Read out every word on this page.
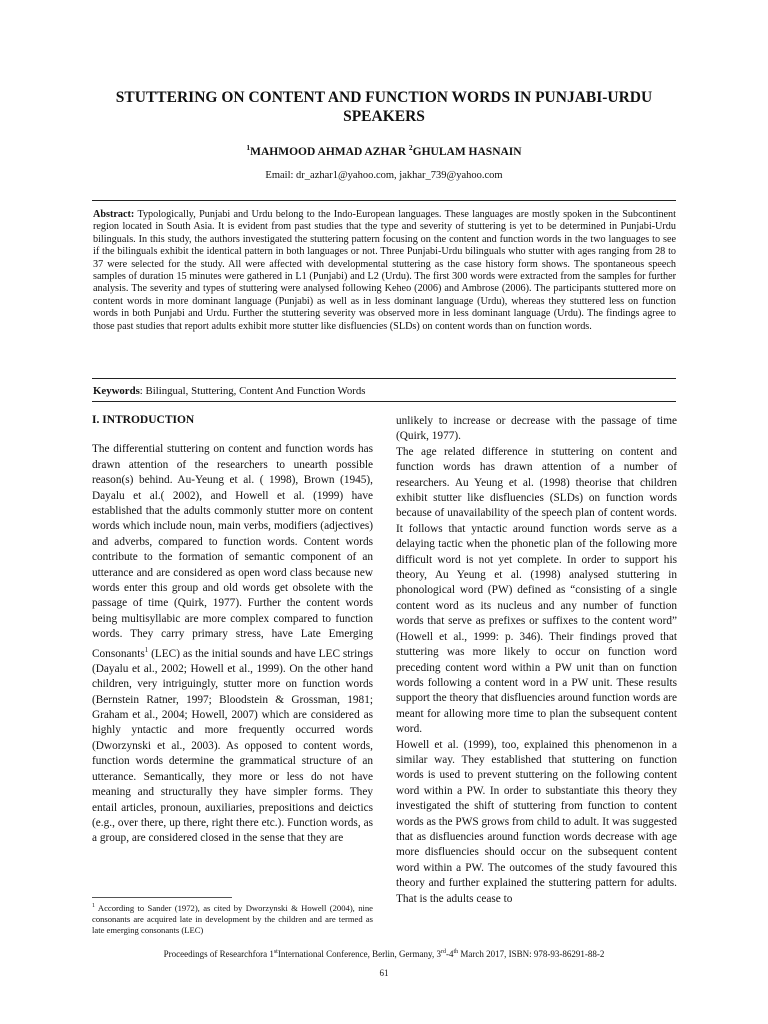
STUTTERING ON CONTENT AND FUNCTION WORDS IN PUNJABI-URDU SPEAKERS
$^1$MAHMOOD AHMAD AZHAR $^2$GHULAM HASNAIN
Email: dr_azhar1@yahoo.com, jakhar_739@yahoo.com
Abstract: Typologically, Punjabi and Urdu belong to the Indo-European languages. These languages are mostly spoken in the Subcontinent region located in South Asia. It is evident from past studies that the type and severity of stuttering is yet to be determined in Punjabi-Urdu bilinguals. In this study, the authors investigated the stuttering pattern focusing on the content and function words in the two languages to see if the bilinguals exhibit the identical pattern in both languages or not. Three Punjabi-Urdu bilinguals who stutter with ages ranging from 28 to 37 were selected for the study. All were affected with developmental stuttering as the case history form shows. The spontaneous speech samples of duration 15 minutes were gathered in L1 (Punjabi) and L2 (Urdu). The first 300 words were extracted from the samples for further analysis. The severity and types of stuttering were analysed following Keheo (2006) and Ambrose (2006). The participants stuttered more on content words in more dominant language (Punjabi) as well as in less dominant language (Urdu), whereas they stuttered less on function words in both Punjabi and Urdu. Further the stuttering severity was observed more in less dominant language (Urdu). The findings agree to those past studies that report adults exhibit more stutter like disfluencies (SLDs) on content words than on function words.
Keywords: Bilingual, Stuttering, Content And Function Words

I. INTRODUCTION

The differential stuttering on content and function words has drawn attention of the researchers to unearth possible reason(s) behind. Au-Yeung et al. ( 1998), Brown (1945), Dayalu et al.( 2002), and Howell et al. (1999) have established that the adults commonly stutter more on content words which include noun, main verbs, modifiers (adjectives) and adverbs, compared to function words. Content words contribute to the formation of semantic component of an utterance and are considered as open word class because new words enter this group and old words get obsolete with the passage of time (Quirk, 1977). Further the content words being multisyllabic are more complex compared to function words. They carry primary stress, have Late Emerging Consonants$^1$ (LEC) as the initial sounds and have LEC strings (Dayalu et al., 2002; Howell et al., 1999). On the other hand children, very intriguingly, stutter more on function words (Bernstein Ratner, 1997; Bloodstein & Grossman, 1981; Graham et al., 2004; Howell, 2007) which are considered as highly yntactic and more frequently occurred words (Dworzynski et al., 2003). As opposed to content words, function words determine the grammatical structure of an utterance. Semantically, they more or less do not have meaning and structurally they have simpler forms. They entail articles, pronoun, auxiliaries, prepositions and deictics (e.g., over there, up there, right there etc.). Function words, as a group, are considered closed in the sense that they are

unlikely to increase or decrease with the passage of time (Quirk, 1977).

The age related difference in stuttering on content and function words has drawn attention of a number of researchers. Au Yeung et al. (1998) theorise that children exhibit stutter like disfluencies (SLDs) on function words because of unavailability of the speech plan of content words. It follows that yntactic around function words serve as a delaying tactic when the phonetic plan of the following more difficult word is not yet complete. In order to support his theory, Au Yeung et al. (1998) analysed stuttering in phonological word (PW) defined as “consisting of a single content word as its nucleus and any number of function words that serve as prefixes or suffixes to the content word” (Howell et al., 1999: p. 346). Their findings proved that stuttering was more likely to occur on function word preceding content word within a PW unit than on function words following a content word in a PW unit. These results support the theory that disfluencies around function words are meant for allowing more time to plan the subsequent content word.

Howell et al. (1999), too, explained this phenomenon in a similar way. They established that stuttering on function words is used to prevent stuttering on the following content word within a PW. In order to substantiate this theory they investigated the shift of stuttering from function to content words as the PWS grows from child to adult. It was suggested that as disfluencies around function words decrease with age more disfluencies should occur on the subsequent content word within a PW. The outcomes of the study favoured this theory and further explained the stuttering pattern for adults. That is the adults cease to

$^1$ According to Sander (1972), as cited by Dworzynski & Howell (2004), nine consonants are acquired late in development by the children and are termed as late emerging consonants (LEC)
Proceedings of Researchfora 1stInternational Conference, Berlin, Germany, 3rd-4th March 2017, ISBN: 978-93-86291-88-2
61
